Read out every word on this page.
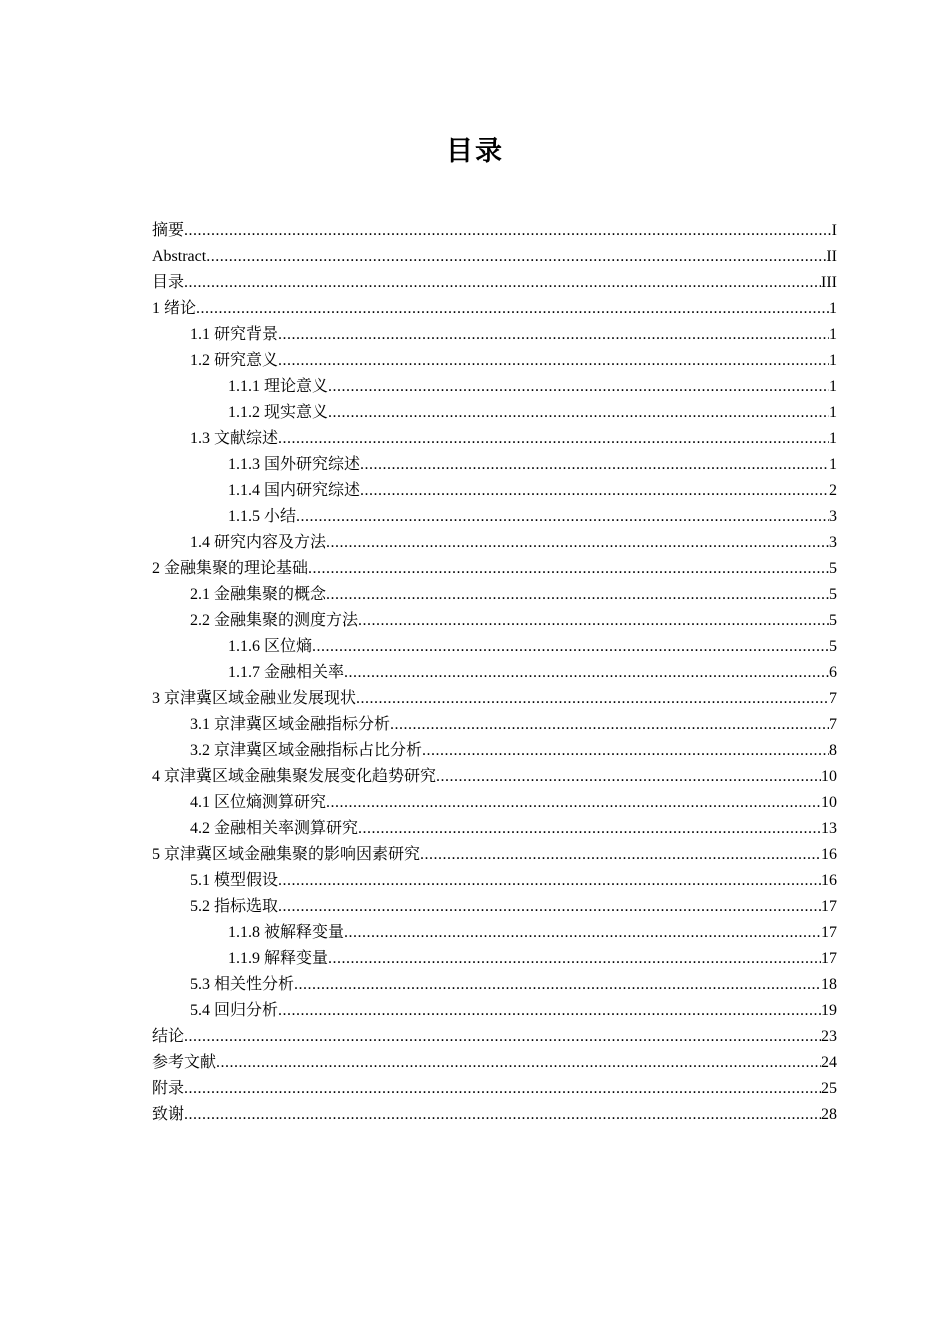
目录
摘要 .....	I
Abstract .....	II
目录 .....	III
1 绪论 .....	1
1.1 研究背景 .....	1
1.2 研究意义 .....	1
1.1.1 理论意义 .....	1
1.1.2 现实意义 .....	1
1.3 文献综述 .....	1
1.1.3 国外研究综述 .....	1
1.1.4 国内研究综述 .....	2
1.1.5 小结 .....	3
1.4 研究内容及方法 .....	3
2 金融集聚的理论基础 .....	5
2.1 金融集聚的概念 .....	5
2.2 金融集聚的测度方法 .....	5
1.1.6 区位熵 .....	5
1.1.7 金融相关率 .....	6
3 京津冀区域金融业发展现状 .....	7
3.1 京津冀区域金融指标分析 .....	7
3.2 京津冀区域金融指标占比分析 .....	8
4 京津冀区域金融集聚发展变化趋势研究 .....	10
4.1 区位熵测算研究 .....	10
4.2 金融相关率测算研究 .....	13
5 京津冀区域金融集聚的影响因素研究 .....	16
5.1 模型假设 .....	16
5.2 指标选取 .....	17
1.1.8 被解释变量 .....	17
1.1.9 解释变量 .....	17
5.3 相关性分析 .....	18
5.4 回归分析 .....	19
结论 .....	23
参考文献 .....	24
附录 .....	25
致谢 .....	28
